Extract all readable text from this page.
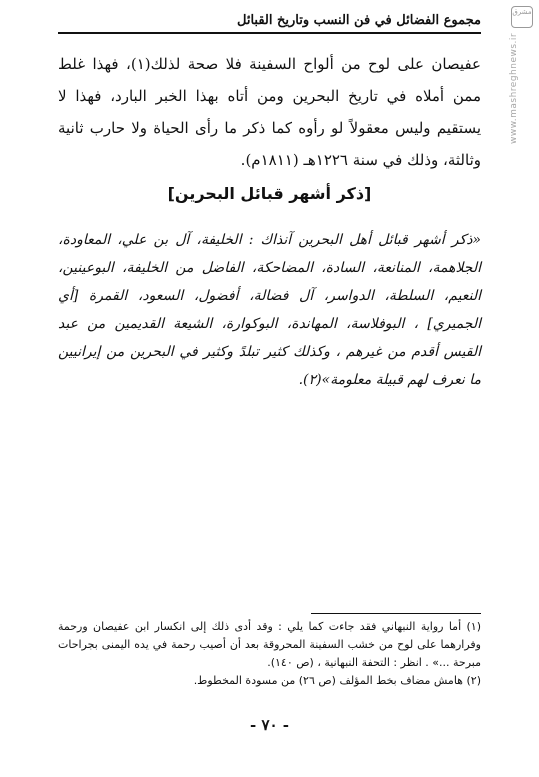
مجموع الفضائل في فن النسب وتاريخ القبائل
مشرق
www.mashreghnews.ir
عفيصان على لوح من ألواح السفينة فلا صحة لذلك(١)، فهذا غلط ممن أملاه في تاريخ البحرين ومن أتاه بهذا الخبر البارد، فهذا لا يستقيم وليس معقولاً لو رأوه كما ذكر ما رأى الحياة ولا حارب ثانية وثالثة، وذلك في سنة ١٢٢٦هـ (١٨١١م).
[ذكر أشهر قبائل البحرين]
«ذكر أشهر قبائل أهل البحرين آنذاك : الخليفة، آل بن علي، المعاودة، الجلاهمة، المنانعة، السادة، المضاحكة، الفاضل من الخليفة، البوعينين، النعيم، السلطة، الدواسر، آل فضالة، أفضول، السعود، القمرة [أي الجميري] ، البوفلاسة، المهاندة، البوكوارة، الشيعة القديمين من عبد القيس أقدم من غيرهم ، وكذلك كثير تبلدً وكثير في البحرين من إيرانيين ما نعرف لهم قبيلة معلومة»(٢).

(١) أما رواية النبهاني فقد جاءت كما يلي : وقد أدى ذلك إلى انكسار ابن عفيصان ورحمة وفرارهما على لوح من خشب السفينة المحروقة بعد أن أصيب رحمة في يده اليمنى بجراحات مبرحة ...» . انظر : التحفة النبهانية ، (ص ١٤٠).

(٢) هامش مضاف بخط المؤلف (ص ٢٦) من مسودة المخطوط.

- ٧٠ -
